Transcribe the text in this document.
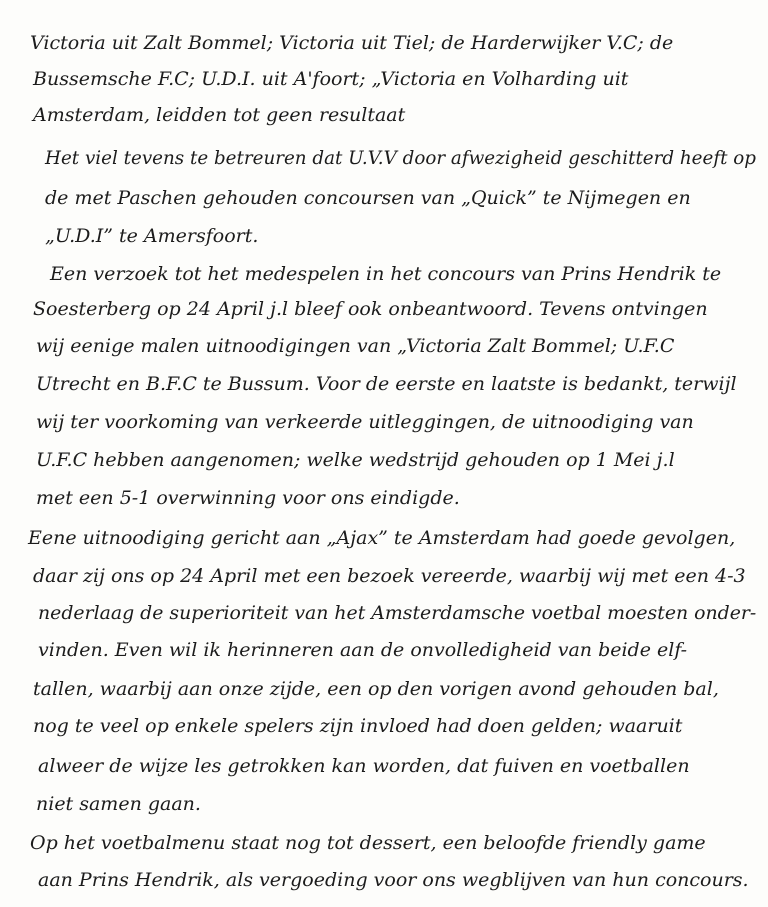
Victoria uit Zalt Bommel; Victoria uit Tiel; de Harderwijker V.C; de
Bussemsche F.C; U.D.I. uit A'foort; „Victoria en Volharding uit
Amsterdam, leidden tot geen resultaat
Het viel tevens te betreuren dat U.V.V door afwezigheid geschitterd heeft op
de met Paschen gehouden concoursen van „Quick” te Nijmegen en
„U.D.I” te Amersfoort.
Een verzoek tot het medespelen in het concours van Prins Hendrik te
Soesterberg op 24 April j.l bleef ook onbeantwoord. Tevens ontvingen
wij eenige malen uitnoodigingen van „Victoria Zalt Bommel; U.F.C
Utrecht en B.F.C te Bussum. Voor de eerste en laatste is bedankt, terwijl
wij ter voorkoming van verkeerde uitleggingen, de uitnoodiging van
U.F.C hebben aangenomen; welke wedstrijd gehouden op 1 Mei j.l
met een 5-1 overwinning voor ons eindigde.
Eene uitnoodiging gericht aan „Ajax” te Amsterdam had goede gevolgen,
daar zij ons op 24 April met een bezoek vereerde, waarbij wij met een 4-3
nederlaag de superioriteit van het Amsterdamsche voetbal moesten onder-
vinden. Even wil ik herinneren aan de onvolledigheid van beide elf-
tallen, waarbij aan onze zijde, een op den vorigen avond gehouden bal,
nog te veel op enkele spelers zijn invloed had doen gelden; waaruit
alweer de wijze les getrokken kan worden, dat fuiven en voetballen
niet samen gaan.
Op het voetbalmenu staat nog tot dessert, een beloofde friendly game
aan Prins Hendrik, als vergoeding voor ons wegblijven van hun concours.
